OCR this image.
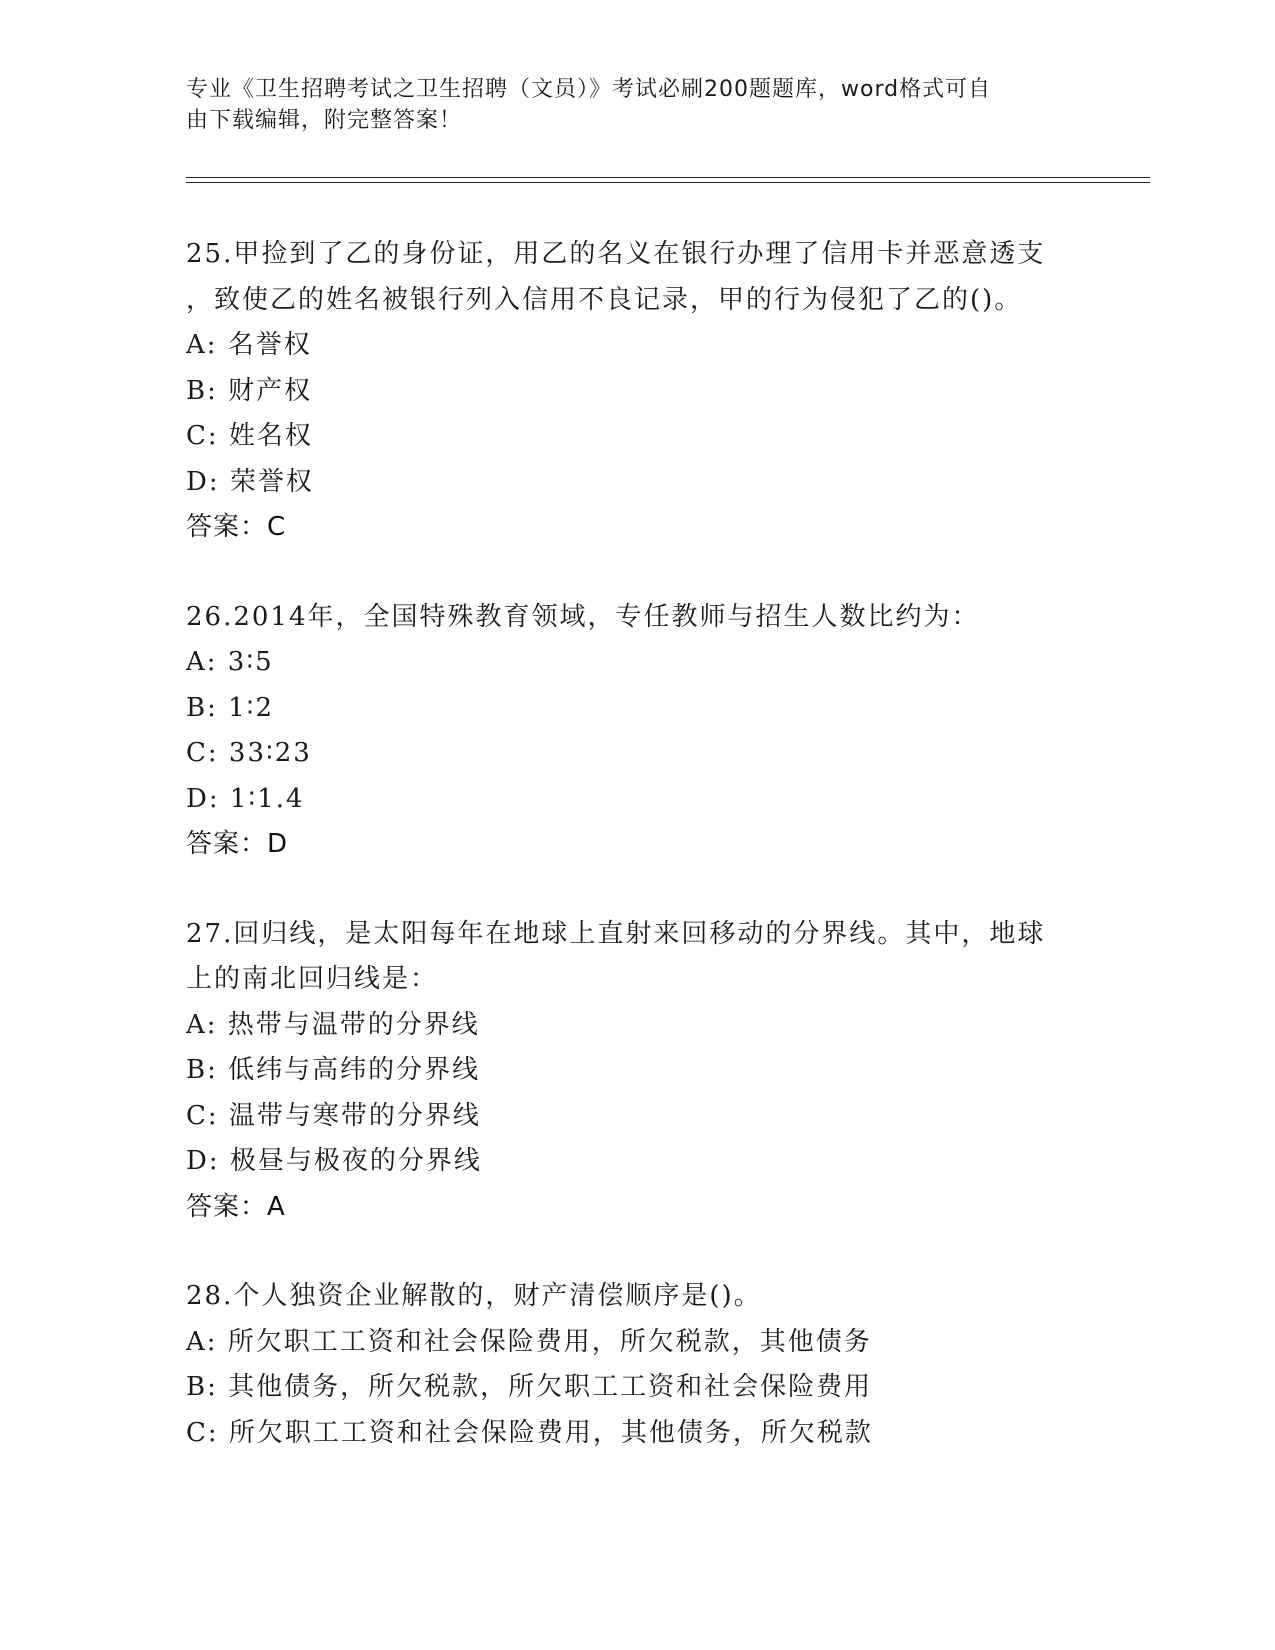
专业《卫生招聘考试之卫生招聘（文员）》考试必刷200题题库，word格式可自
由下载编辑，附完整答案！
25.甲捡到了乙的身份证，用乙的名义在银行办理了信用卡并恶意透支
，致使乙的姓名被银行列入信用不良记录，甲的行为侵犯了乙的()。
A: 名誉权
B: 财产权
C: 姓名权
D: 荣誉权
答案：C
26.2014年，全国特殊教育领域，专任教师与招生人数比约为：
A: 3∶5
B: 1∶2
C: 33∶23
D: 1∶1.4
答案：D
27.回归线，是太阳每年在地球上直射来回移动的分界线。其中，地球
上的南北回归线是：
A: 热带与温带的分界线
B: 低纬与高纬的分界线
C: 温带与寒带的分界线
D: 极昼与极夜的分界线
答案：A
28.个人独资企业解散的，财产清偿顺序是()。
A: 所欠职工工资和社会保险费用，所欠税款，其他债务
B: 其他债务，所欠税款，所欠职工工资和社会保险费用
C: 所欠职工工资和社会保险费用，其他债务，所欠税款
